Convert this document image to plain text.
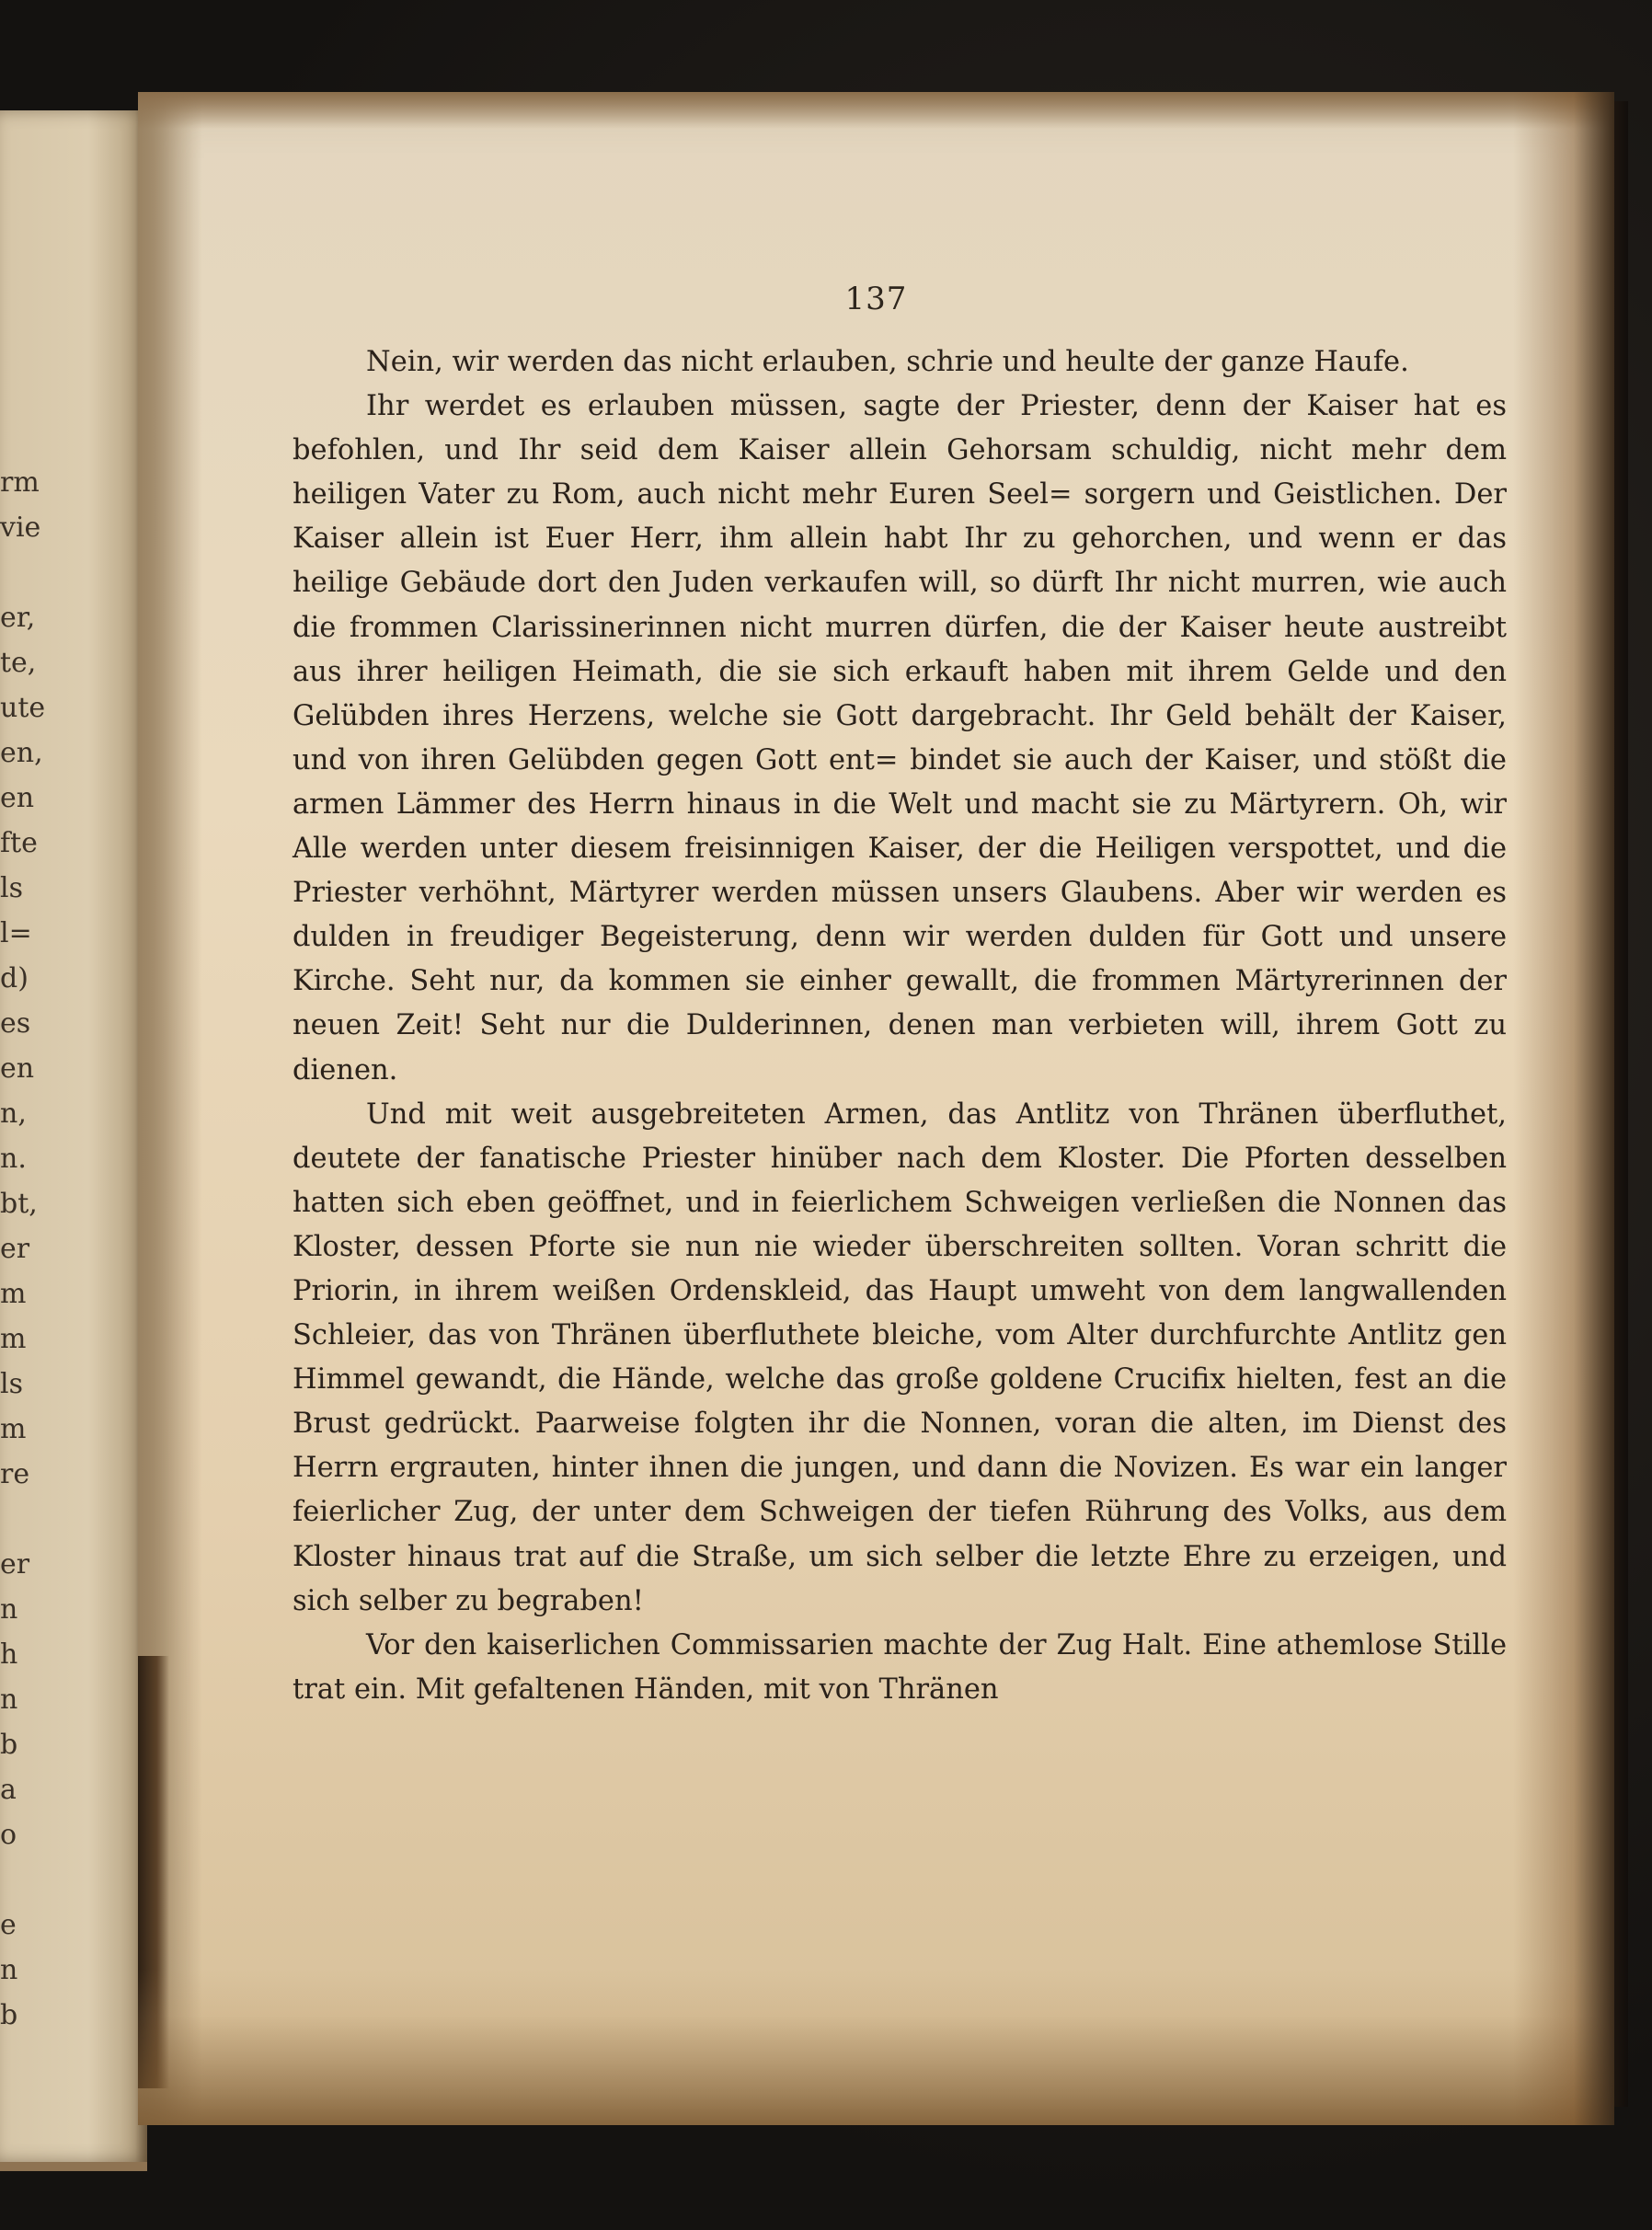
rm
vie
er,
te,
ute
en,
en
fte
ls
l=
d)
es
en
n,
n.
bt,
er
m
m
ls
m
re
er
n
h
n
b
a
o
e
n
b
137

Nein, wir werden das nicht erlauben, schrie und heulte der ganze Haufe.

Ihr werdet es erlauben müssen, sagte der Priester, denn der Kaiser hat es befohlen, und Ihr seid dem Kaiser allein Gehorsam schuldig, nicht mehr dem heiligen Vater zu Rom, auch nicht mehr Euren Seel= sorgern und Geistlichen. Der Kaiser allein ist Euer Herr, ihm allein habt Ihr zu gehorchen, und wenn er das heilige Gebäude dort den Juden verkaufen will, so dürft Ihr nicht murren, wie auch die frommen Clarissinerinnen nicht murren dürfen, die der Kaiser heute austreibt aus ihrer heiligen Heimath, die sie sich erkauft haben mit ihrem Gelde und den Gelübden ihres Herzens, welche sie Gott dargebracht. Ihr Geld behält der Kaiser, und von ihren Gelübden gegen Gott ent= bindet sie auch der Kaiser, und stößt die armen Lämmer des Herrn hinaus in die Welt und macht sie zu Märtyrern. Oh, wir Alle werden unter diesem freisinnigen Kaiser, der die Heiligen verspottet, und die Priester verhöhnt, Märtyrer werden müssen unsers Glaubens. Aber wir werden es dulden in freudiger Begeisterung, denn wir werden dulden für Gott und unsere Kirche. Seht nur, da kommen sie einher gewallt, die frommen Märtyrerinnen der neuen Zeit! Seht nur die Dulderinnen, denen man verbieten will, ihrem Gott zu dienen.

Und mit weit ausgebreiteten Armen, das Antlitz von Thränen überfluthet, deutete der fanatische Priester hinüber nach dem Kloster. Die Pforten desselben hatten sich eben geöffnet, und in feierlichem Schweigen verließen die Nonnen das Kloster, dessen Pforte sie nun nie wieder überschreiten sollten. Voran schritt die Priorin, in ihrem weißen Ordenskleid, das Haupt umweht von dem langwallenden Schleier, das von Thränen überfluthete bleiche, vom Alter durchfurchte Antlitz gen Himmel gewandt, die Hände, welche das große goldene Crucifix hielten, fest an die Brust gedrückt. Paarweise folgten ihr die Nonnen, voran die alten, im Dienst des Herrn ergrauten, hinter ihnen die jungen, und dann die Novizen. Es war ein langer feierlicher Zug, der unter dem Schweigen der tiefen Rührung des Volks, aus dem Kloster hinaus trat auf die Straße, um sich selber die letzte Ehre zu erzeigen, und sich selber zu begraben!

Vor den kaiserlichen Commissarien machte der Zug Halt. Eine athemlose Stille trat ein. Mit gefaltenen Händen, mit von Thränen
